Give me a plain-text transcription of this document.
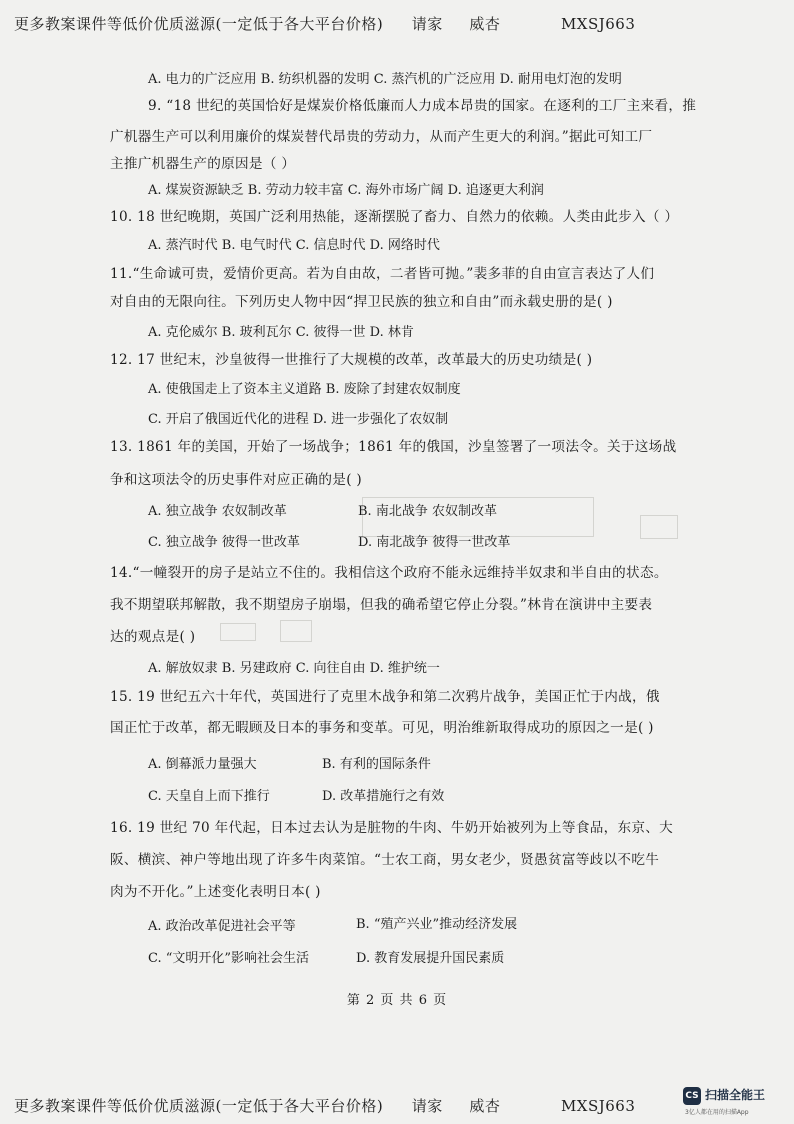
更多教案课件等低价优质滋源(一定低于各大平台价格) 请家 威杏	MXSJ663
A. 电力的广泛应用 B. 纺织机器的发明 C. 蒸汽机的广泛应用 D. 耐用电灯泡的发明
9. “18 世纪的英国恰好是煤炭价格低廉而人力成本昂贵的国家。在逐利的工厂主来看，推
广机器生产可以利用廉价的煤炭替代昂贵的劳动力，从而产生更大的利润。”据此可知工厂
主推广机器生产的原因是（ ）
A. 煤炭资源缺乏 B. 劳动力较丰富 C. 海外市场广阔 D. 追逐更大利润
10. 18 世纪晚期，英国广泛利用热能，逐渐摆脱了畜力、自然力的依赖。人类由此步入（ ）
A. 蒸汽时代 B. 电气时代 C. 信息时代 D. 网络时代
11.“生命诚可贵，爱情价更高。若为自由故，二者皆可抛。”裴多菲的自由宣言表达了人们
对自由的无限向往。下列历史人物中因“捍卫民族的独立和自由”而永载史册的是( )
A. 克伦威尔 B. 玻利瓦尔 C. 彼得一世 D. 林肯
12. 17 世纪末，沙皇彼得一世推行了大规模的改革，改革最大的历史功绩是( )
A. 使俄国走上了资本主义道路 B. 废除了封建农奴制度
C. 开启了俄国近代化的进程 D. 进一步强化了农奴制
13. 1861 年的美国，开始了一场战争；1861 年的俄国，沙皇签署了一项法令。关于这场战
争和这项法令的历史事件对应正确的是( )
A. 独立战争 农奴制改革	B. 南北战争 农奴制改革
C. 独立战争 彼得一世改革	D. 南北战争 彼得一世改革
14.“一幢裂开的房子是站立不住的。我相信这个政府不能永远维持半奴隶和半自由的状态。
我不期望联邦解散，我不期望房子崩塌，但我的确希望它停止分裂。”林肯在演讲中主要表
达的观点是( )
A. 解放奴隶 B. 另建政府 C. 向往自由 D. 维护统一
15. 19 世纪五六十年代，英国进行了克里木战争和第二次鸦片战争，美国正忙于内战，俄
国正忙于改革，都无暇顾及日本的事务和变革。可见，明治维新取得成功的原因之一是( )
A. 倒幕派力量强大	B. 有利的国际条件
C. 天皇自上而下推行	D. 改革措施行之有效
16. 19 世纪 70 年代起，日本过去认为是脏物的牛肉、牛奶开始被列为上等食品，东京、大
阪、横滨、神户等地出现了许多牛肉菜馆。“士农工商，男女老少，贤愚贫富等歧以不吃牛
肉为不开化。”上述变化表明日本( )
A. 政治改革促进社会平等	B. “殖产兴业”推动经济发展
C. “文明开化”影响社会生活	D. 教育发展提升国民素质
第 2 页 共 6 页
更多教案课件等低价优质滋源(一定低于各大平台价格) 请家 威杏	MXSJ663
CS 扫描全能王
3亿人都在用的扫描App
